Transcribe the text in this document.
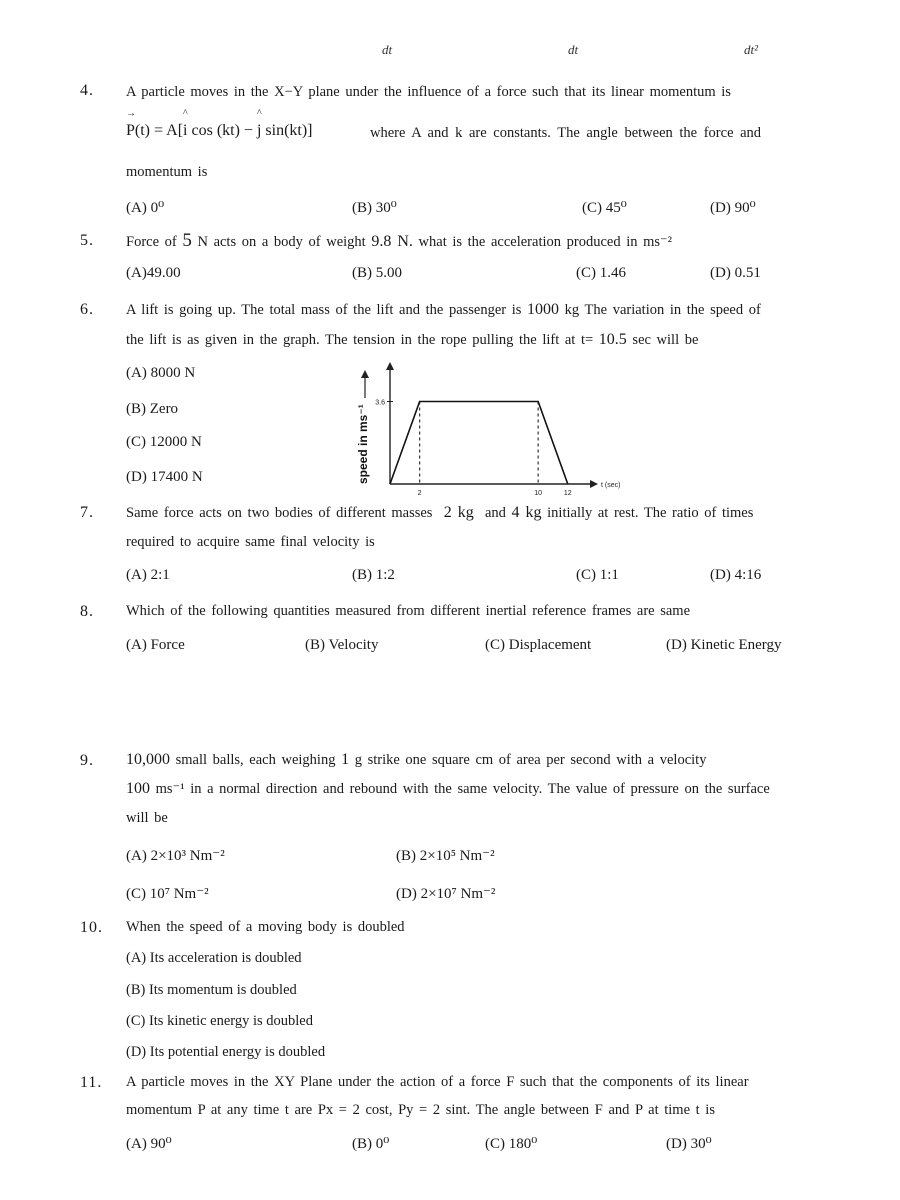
dt	dt	dt²
4. A particle moves in the X−Y plane under the influence of a force such that its linear momentum is
→
P(t) = A[
^
i cos (kt) −
^
j sin(kt)]	where A and k are constants. The angle between the force and
momentum is
(A) 0⁰	(B) 30⁰	(C) 45⁰	(D) 90⁰
5. Force of 5 N acts on a body of weight 9.8 N. what is the acceleration produced in ms⁻²
(A)49.00	(B) 5.00	(C) 1.46	(D) 0.51
6. A lift is going up. The total mass of the lift and the passenger is 1000 kg The variation in the speed of
the lift is as given in the graph. The tension in the rope pulling the lift at t= 10.5 sec will be
(A) 8000 N
(B) Zero
(C) 12000 N
(D) 17400 N
3.6
2	10	12
t (sec)
speed in ms⁻¹
7. Same force acts on two bodies of different masses 2 kg and 4 kg initially at rest. The ratio of times
required to acquire same final velocity is
(A) 2:1	(B) 1:2	(C) 1:1	(D) 4:16
8. Which of the following quantities measured from different inertial reference frames are same
(A) Force	(B) Velocity	(C) Displacement	(D) Kinetic Energy
9. 10,000 small balls, each weighing 1 g strike one square cm of area per second with a velocity
100 ms⁻¹ in a normal direction and rebound with the same velocity. The value of pressure on the surface
will be
(A) 2×10³ Nm⁻²	(B) 2×10⁵ Nm⁻²
(C) 10⁷ Nm⁻²	(D) 2×10⁷ Nm⁻²
10. When the speed of a moving body is doubled
(A) Its acceleration is doubled
(B) Its momentum is doubled
(C) Its kinetic energy is doubled
(D) Its potential energy is doubled
11. A particle moves in the XY Plane under the action of a force F such that the components of its linear
momentum P at any time t are Px = 2 cost, Py = 2 sint. The angle between F and P at time t is
(A) 90⁰	(B) 0⁰	(C) 180⁰	(D) 30⁰
